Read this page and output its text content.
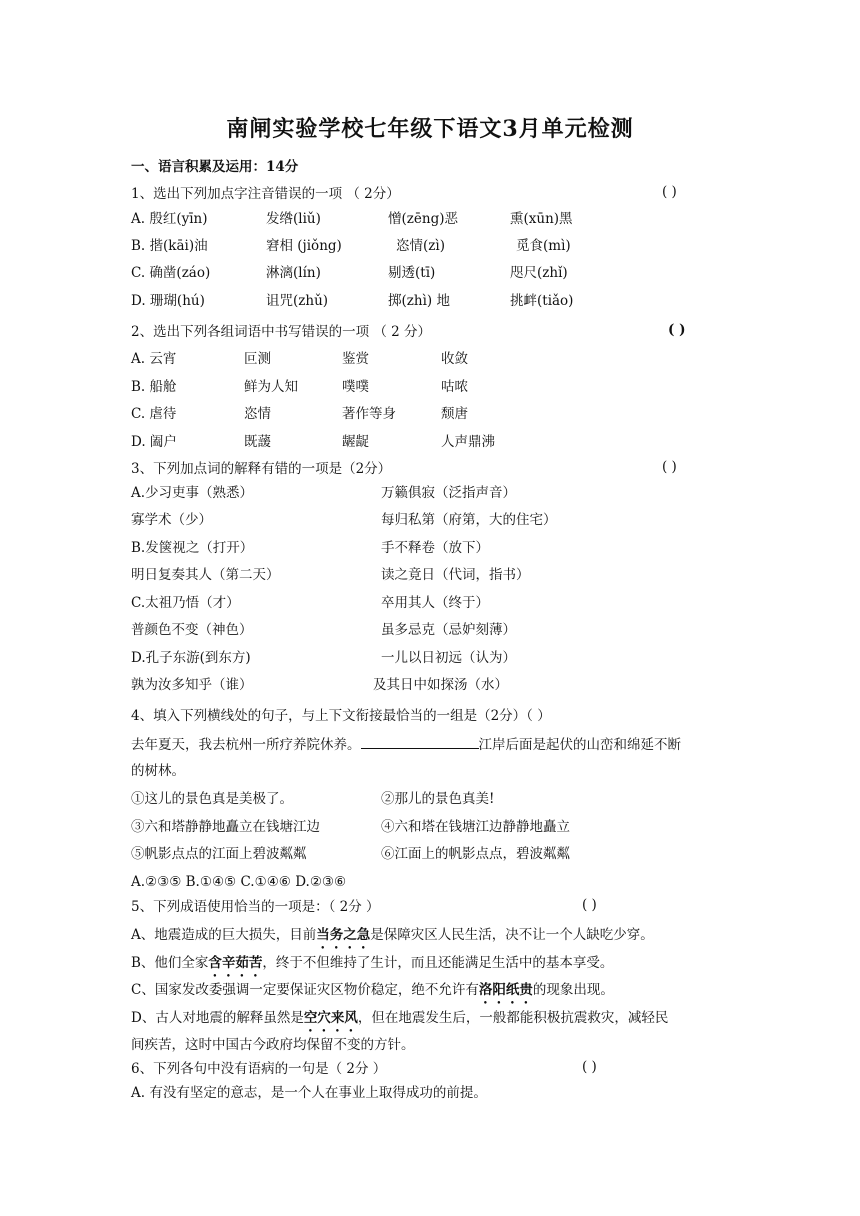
南闸实验学校七年级下语文3月单元检测
一、语言积累及运用：14分
1、选出下列加点字注音错误的一项 （ 2分）	( )
A. 殷红(yīn)	发绺(liǔ)	憎(zēng)恶	熏(xūn)黑
B. 揩(kāi)油	窘相 (jiǒng)	恣情(zì)	觅食(mì)
C. 确凿(záo)	淋漓(lín)	剔透(tī)	咫尺(zhǐ)
D. 珊瑚(hú)	诅咒(zhǔ)	掷(zhì) 地	挑衅(tiǎo)
2、选出下列各组词语中书写错误的一项 （ 2 分）	( )
A. 云宵	叵测	鉴赏	收敛
B. 船舱	鲜为人知	噗噗	咕哝
C. 虐待	恣情	著作等身	颓唐
D. 阖户	既蘐	龌龊	人声鼎沸
3、下列加点词的解释有错的一项是（2分）	( )
A.少习吏事（熟悉）	万籁俱寂（泛指声音）
寡学术（少）	每归私第（府第，大的住宅）
B.发箧视之（打开）	手不释卷（放下）
明日复奏其人（第二天）	读之竟日（代词，指书）
C.太祖乃悟（才）	卒用其人（终于）
普颜色不变（神色）	虽多忌克（忌妒刻薄）
D.孔子东游(到东方)	一儿以日初远（认为）
孰为汝多知乎（谁）	及其日中如探汤（水）
4、填入下列横线处的句子，与上下文衔接最恰当的一组是（2分）（ ）
去年夏天，我去杭州一所疗养院休养。	江岸后面是起伏的山峦和绵延不断
的树林。
①这儿的景色真是美极了。	②那儿的景色真美!
③六和塔静静地矗立在钱塘江边	④六和塔在钱塘江边静静地矗立
⑤帆影点点的江面上碧波粼粼	⑥江面上的帆影点点，碧波粼粼
A.②③⑤ B.①④⑤ C.①④⑥ D.②③⑥
5、下列成语使用恰当的一项是：（ 2分 ）	( )
A、地震造成的巨大损失，目前当务之急是保障灾区人民生活，决不让一个人缺吃少穿。
B、他们全家含辛茹苦，终于不但维持了生计，而且还能满足生活中的基本享受。
C、国家发改委强调一定要保证灾区物价稳定，绝不允许有洛阳纸贵的现象出现。
D、古人对地震的解释虽然是空穴来风，但在地震发生后，一般都能积极抗震救灾，减轻民
间疾苦，这时中国古今政府均保留不变的方针。
6、下列各句中没有语病的一句是（ 2分 ）	( )
A. 有没有坚定的意志，是一个人在事业上取得成功的前提。
